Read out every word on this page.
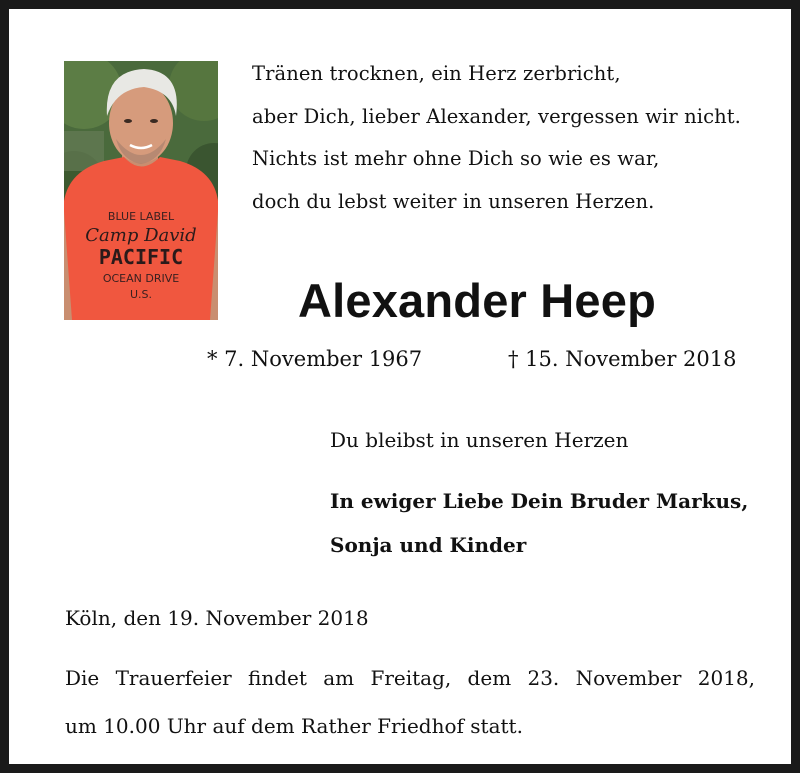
BLUE LABEL
Camp David
PACIFIC
OCEAN DRIVE
U.S.
Tränen trocknen, ein Herz zerbricht,
aber Dich, lieber Alexander, vergessen wir nicht.
Nichts ist mehr ohne Dich so wie es war,
doch du lebst weiter in unseren Herzen.
Alexander Heep
* 7. November 1967	† 15. November 2018
Du bleibst in unseren Herzen
In ewiger Liebe Dein Bruder Markus,
Sonja und Kinder
Köln, den 19. November 2018
Die Trauerfeier findet am Freitag, dem 23. November 2018,
um 10.00 Uhr auf dem Rather Friedhof statt.
